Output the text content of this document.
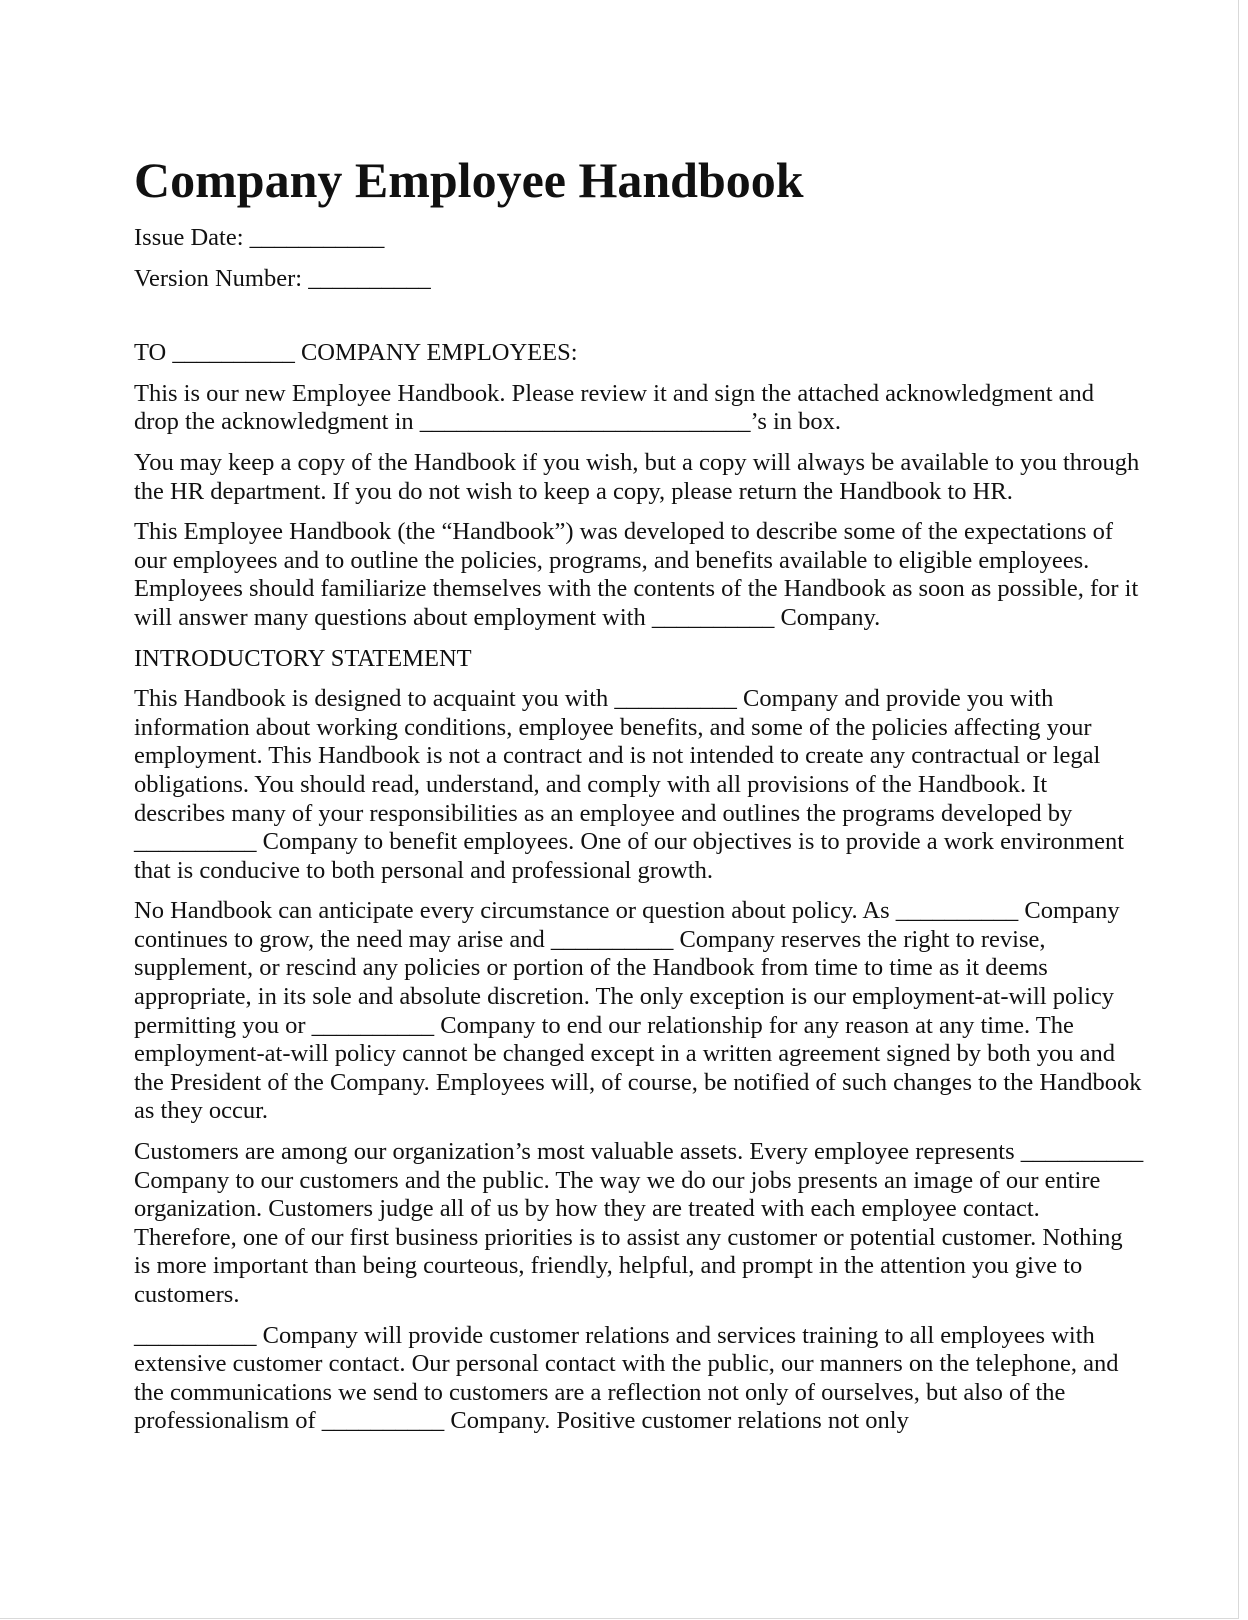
Company Employee Handbook
Issue Date: ___________
Version Number: __________
TO __________ COMPANY EMPLOYEES:

This is our new Employee Handbook. Please review it and sign the attached acknowledgment and drop the acknowledgment in ___________________________’s in box.

You may keep a copy of the Handbook if you wish, but a copy will always be available to you through the HR department. If you do not wish to keep a copy, please return the Handbook to HR.

This Employee Handbook (the “Handbook”) was developed to describe some of the expectations of our employees and to outline the policies, programs, and benefits available to eligible employees. Employees should familiarize themselves with the contents of the Handbook as soon as possible, for it will answer many questions about employment with __________ Company.

INTRODUCTORY STATEMENT

This Handbook is designed to acquaint you with __________ Company and provide you with information about working conditions, employee benefits, and some of the policies affecting your employment. This Handbook is not a contract and is not intended to create any contractual or legal obligations. You should read, understand, and comply with all provisions of the Handbook. It describes many of your responsibilities as an employee and outlines the programs developed by __________ Company to benefit employees. One of our objectives is to provide a work environment that is conducive to both personal and professional growth.

No Handbook can anticipate every circumstance or question about policy. As __________ Company continues to grow, the need may arise and __________ Company reserves the right to revise, supplement, or rescind any policies or portion of the Handbook from time to time as it deems appropriate, in its sole and absolute discretion. The only exception is our employment-at-will policy permitting you or __________ Company to end our relationship for any reason at any time. The employment-at-will policy cannot be changed except in a written agreement signed by both you and the President of the Company. Employees will, of course, be notified of such changes to the Handbook as they occur.

Customers are among our organization’s most valuable assets. Every employee represents __________ Company to our customers and the public. The way we do our jobs presents an image of our entire organization. Customers judge all of us by how they are treated with each employee contact. Therefore, one of our first business priorities is to assist any customer or potential customer. Nothing is more important than being courteous, friendly, helpful, and prompt in the attention you give to customers.

__________ Company will provide customer relations and services training to all employees with extensive customer contact. Our personal contact with the public, our manners on the telephone, and the communications we send to customers are a reflection not only of ourselves, but also of the professionalism of __________ Company. Positive customer relations not only
